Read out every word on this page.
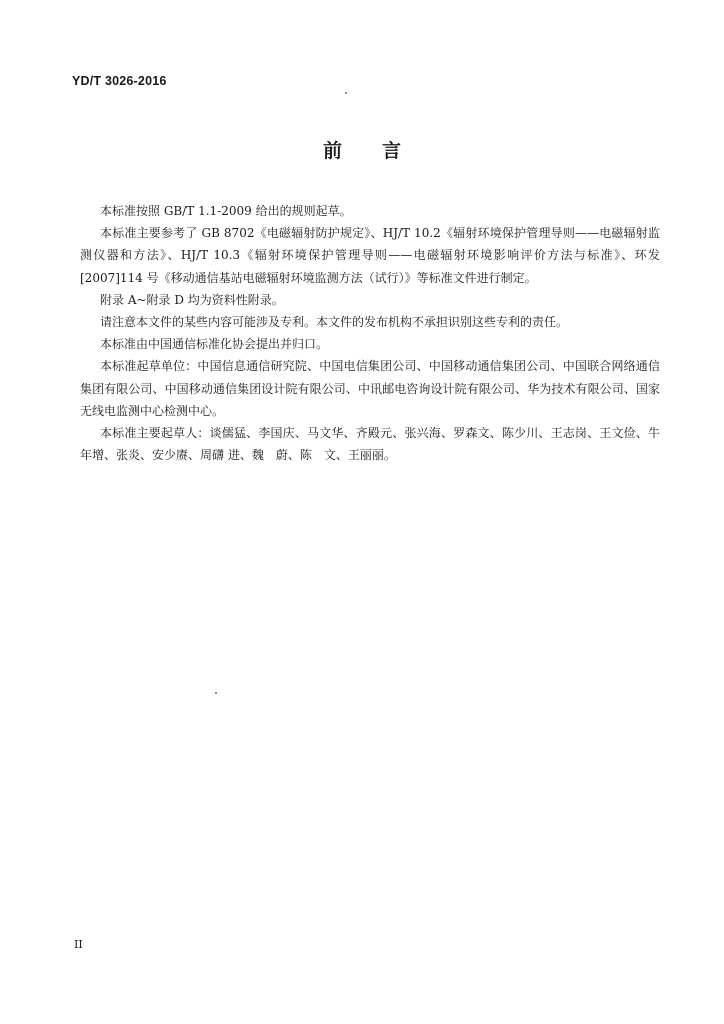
YD/T 3026-2016
前 言

本标准按照 GB/T 1.1-2009 给出的规则起草。

本标准主要参考了 GB 8702《电磁辐射防护规定》、HJ/T 10.2《辐射环境保护管理导则——电磁辐射监测仪器和方法》、HJ/T 10.3《辐射环境保护管理导则——电磁辐射环境影响评价方法与标准》、环发[2007]114 号《移动通信基站电磁辐射环境监测方法（试行）》等标准文件进行制定。

附录 A~附录 D 均为资料性附录。

请注意本文件的某些内容可能涉及专利。本文件的发布机构不承担识别这些专利的责任。

本标准由中国通信标准化协会提出并归口。

本标准起草单位：中国信息通信研究院、中国电信集团公司、中国移动通信集团公司、中国联合网络通信集团有限公司、中国移动通信集团设计院有限公司、中讯邮电咨询设计院有限公司、华为技术有限公司、国家无线电监测中心检测中心。

本标准主要起草人：谈儒猛、李国庆、马文华、齐殿元、张兴海、罗森文、陈少川、王志岗、王文俭、牛年增、张炎、安少赓、周礴 进、魏　蔚、陈　文、王丽丽。

II
